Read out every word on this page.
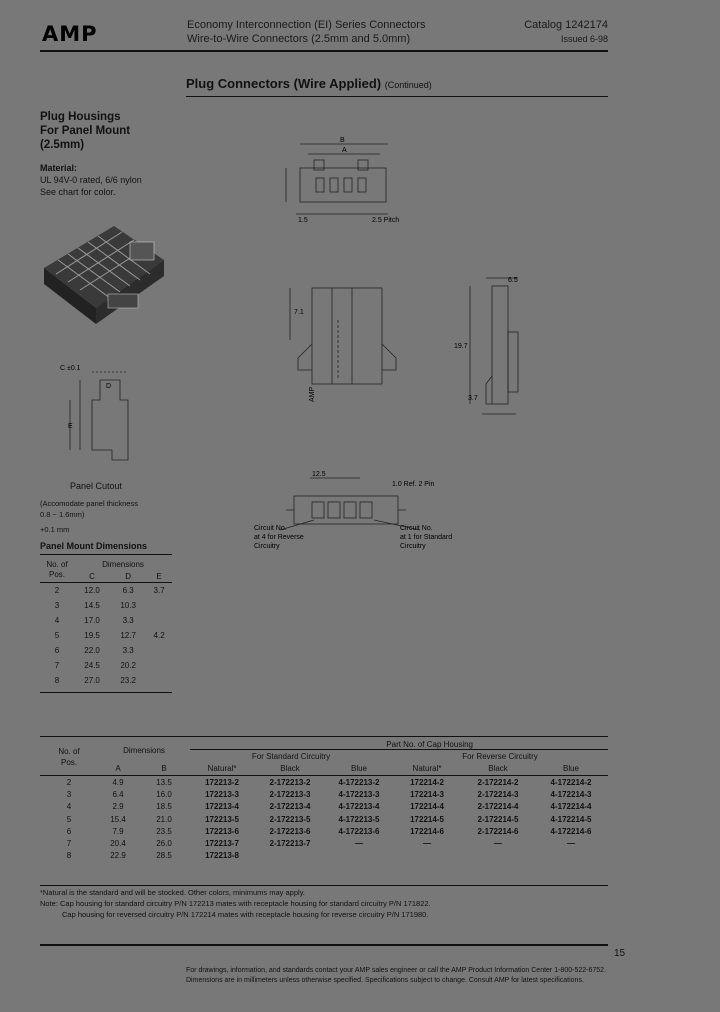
AMP	Economy Interconnection (EI) Series Connectors
Wire-to-Wire Connectors (2.5mm and 5.0mm)
Catalog 1242174
Issued 6-98
Plug Connectors (Wire Applied) (Continued)
Plug Housings
For Panel Mount
(2.5mm)
Material:
UL 94V-0 rated, 6/6 nylon
See chart for color.
C ±0.1
D
E
Panel Cutout
(Accomodate panel thickness
0.8 ~ 1.6mm)
+0.1 mm
Panel Mount Dimensions
No. of
Pos.	Dimensions		
	C	D	E
2	12.0	6.3	3.7
3	14.5	10.3	
4	17.0	3.3	
5	19.5	12.7	4.2
6	22.0	3.3	
7	24.5	20.2	
8	27.0	23.2	
B
A
1.5	2.5 Pitch
7.1
AMP
6.5
19.7
3.7
12.5
1.0 Ref. 2 Pin
Circuit No. at 4 for Reverse Circuitry
Circuit No. at 1 for Standard Circuitry
No. of
Pos.	Dimensions		Part No. of Cap Housing					
			For Standard Circuitry			For Reverse Circuitry		
	A	B	Natural*	Black	Blue	Natural*	Black	Blue
2	4.9	13.5	172213-2	2-172213-2	4-172213-2	172214-2	2-172214-2	4-172214-2
3	6.4	16.0	172213-3	2-172213-3	4-172213-3	172214-3	2-172214-3	4-172214-3
4	2.9	18.5	172213-4	2-172213-4	4-172213-4	172214-4	2-172214-4	4-172214-4
5	15.4	21.0	172213-5	2-172213-5	4-172213-5	172214-5	2-172214-5	4-172214-5
6	7.9	23.5	172213-6	2-172213-6	4-172213-6	172214-6	2-172214-6	4-172214-6
7	20.4	26.0	172213-7	2-172213-7	—	—	—	—
8	22.9	28.5	172213-8					
*Natural is the standard and will be stocked. Other colors, minimums may apply.
Note: Cap housing for standard circuitry P/N 172213 mates with receptacle housing for standard circuitry P/N 171822.
Cap housing for reversed circuitry P/N 172214 mates with receptacle housing for reverse circuitry P/N 171980.
15
For drawings, information, and standards contact your AMP sales engineer or call the AMP Product Information Center 1-800-522-6752.
Dimensions are in millimeters unless otherwise specified. Specifications subject to change. Consult AMP for latest specifications.
